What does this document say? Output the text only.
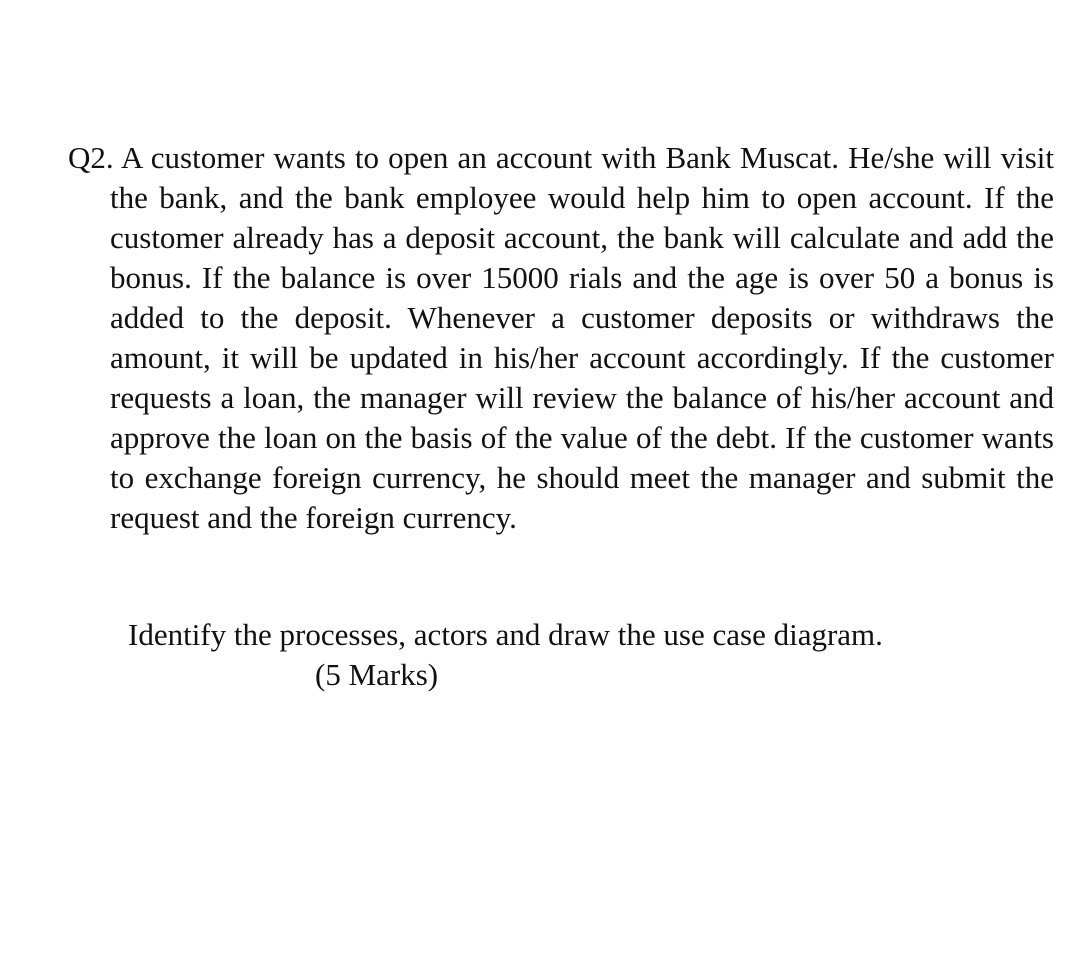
Q2. A customer wants to open an account with Bank Muscat. He/she will visit the bank, and the bank employee would help him to open account. If the customer already has a deposit account, the bank will calculate and add the bonus. If the balance is over 15000 rials and the age is over 50 a bonus is added to the deposit. Whenever a customer deposits or withdraws the amount, it will be updated in his/her account accordingly. If the customer requests a loan, the manager will review the balance of his/her account and approve the loan on the basis of the value of the debt. If the customer wants to exchange foreign currency, he should meet the manager and submit the request and the foreign currency.
Identify the processes, actors and draw the use case diagram.
(5 Marks)
